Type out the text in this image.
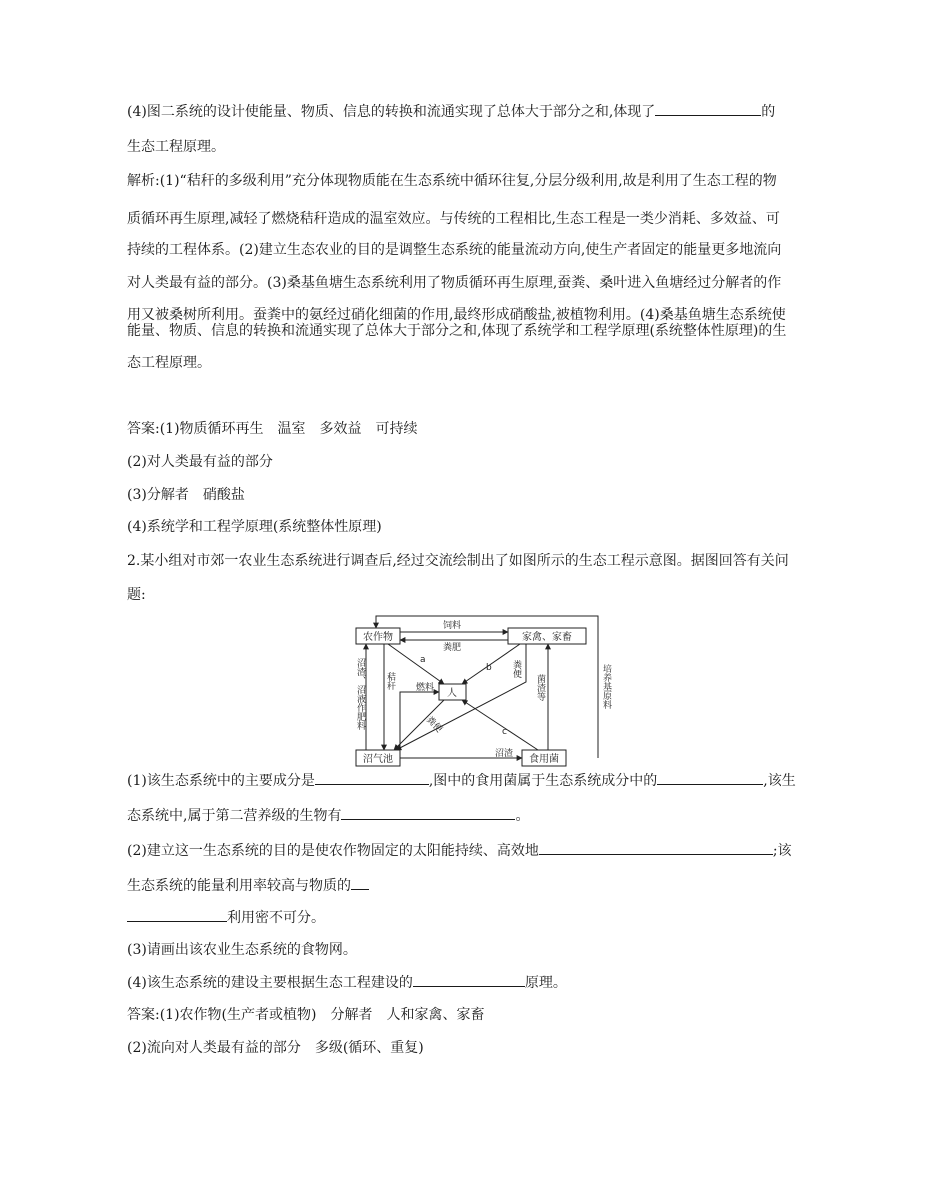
(4)图二系统的设计使能量、物质、信息的转换和流通实现了总体大于部分之和,体现了	的
生态工程原理。
解析:(1)“秸秆的多级利用”充分体现物质能在生态系统中循环往复,分层分级利用,故是利用了生态工程的物
质循环再生原理,减轻了燃烧秸秆造成的温室效应。与传统的工程相比,生态工程是一类少消耗、多效益、可
持续的工程体系。(2)建立生态农业的目的是调整生态系统的能量流动方向,使生产者固定的能量更多地流向
对人类最有益的部分。(3)桑基鱼塘生态系统利用了物质循环再生原理,蚕粪、桑叶进入鱼塘经过分解者的作
用又被桑树所利用。蚕粪中的氨经过硝化细菌的作用,最终形成硝酸盐,被植物利用。(4)桑基鱼塘生态系统使
能量、物质、信息的转换和流通实现了总体大于部分之和,体现了系统学和工程学原理(系统整体性原理)的生
态工程原理。
答案:(1)物质循环再生　温室　多效益　可持续
(2)对人类最有益的部分
(3)分解者　硝酸盐
(4)系统学和工程学原理(系统整体性原理)
2.某小组对市郊一农业生态系统进行调查后,经过交流绘制出了如图所示的生态工程示意图。据图回答有关问
题:
农作物	家禽、家畜
人
沼气池	食用菌
饲料
粪肥
a
b
c
燃料
沼渣
粪便
菌渣等	培养基原料
秸秆
沼渣、沼液作肥料	粪便
(1)该生态系统中的主要成分是	,图中的食用菌属于生态系统成分中的	,该生
态系统中,属于第二营养级的生物有	。
(2)建立这一生态系统的目的是使农作物固定的太阳能持续、高效地	;该
生态系统的能量利用率较高与物质的
利用密不可分。
(3)请画出该农业生态系统的食物网。
(4)该生态系统的建设主要根据生态工程建设的	原理。
答案:(1)农作物(生产者或植物)　分解者　人和家禽、家畜
(2)流向对人类最有益的部分　多级(循环、重复)
